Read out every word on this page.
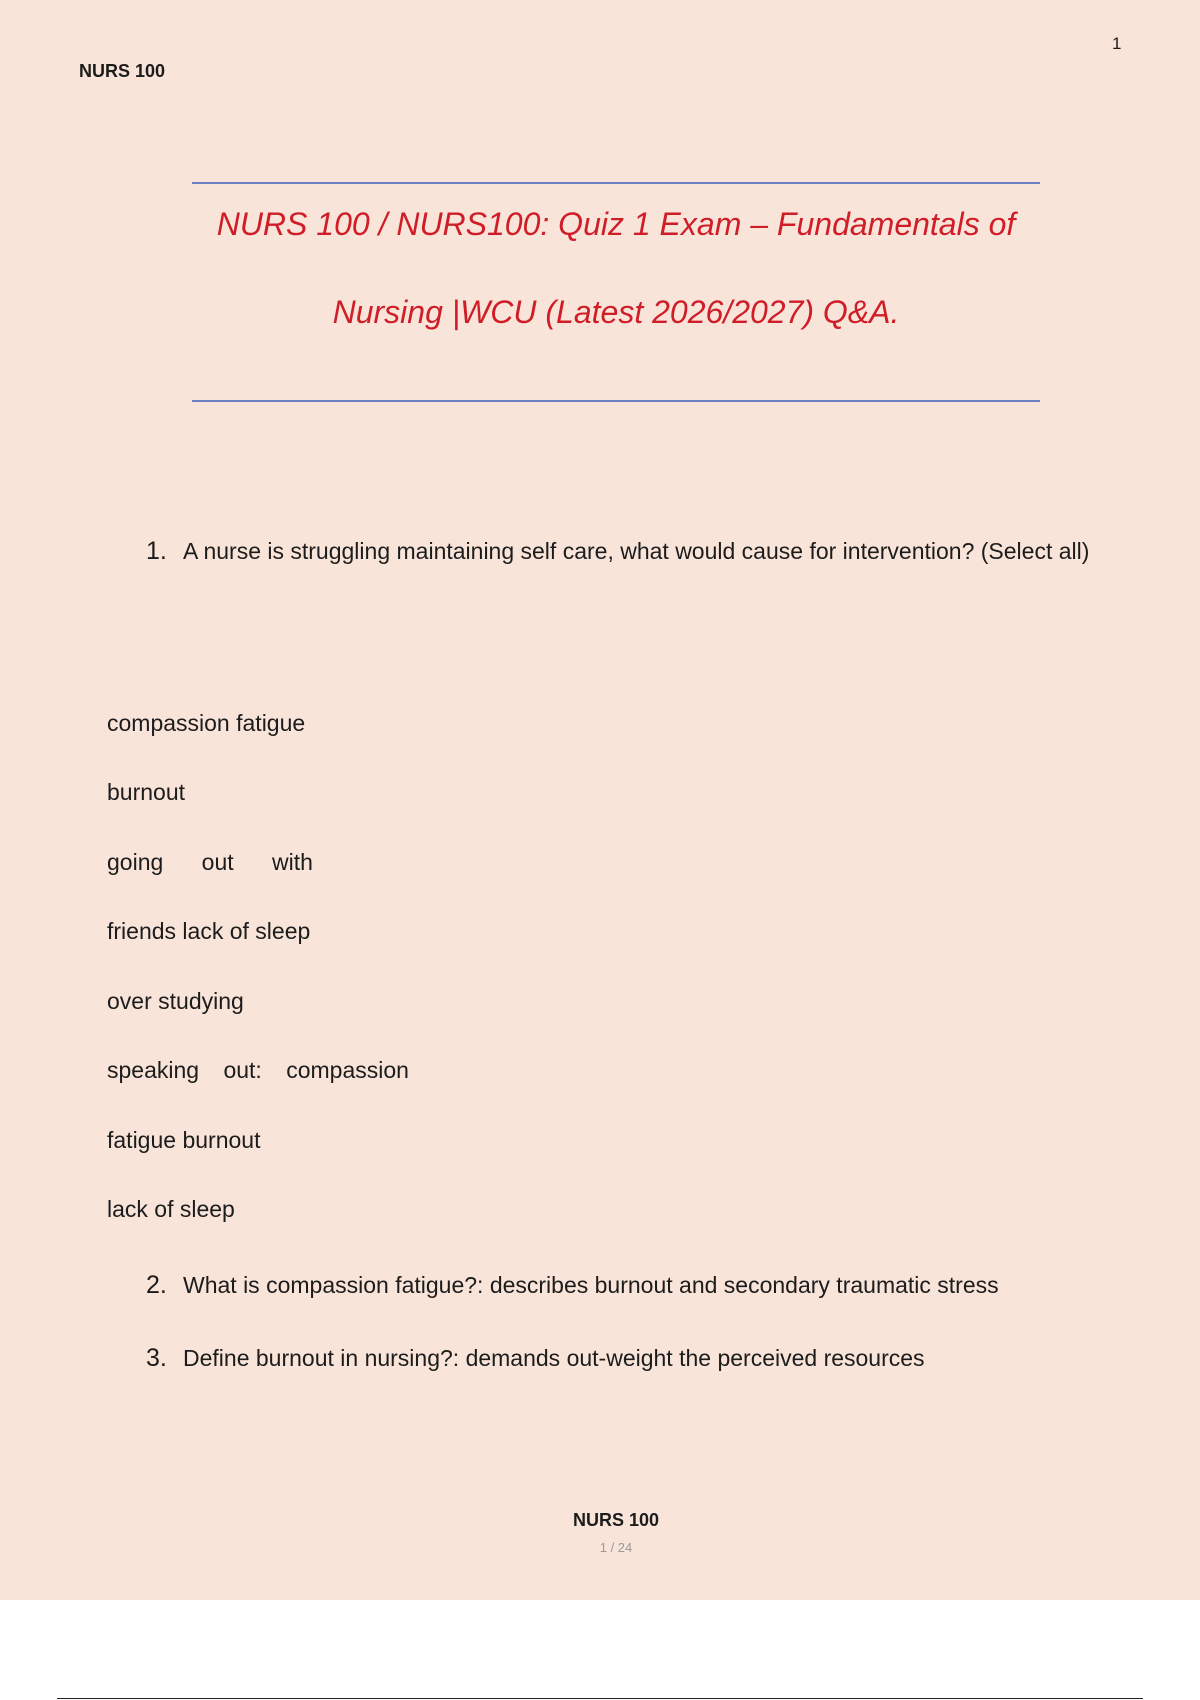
1
NURS 100
NURS 100 / NURS100: Quiz 1 Exam – Fundamentals of
Nursing |WCU (Latest 2026/2027) Q&A.
1. A nurse is struggling maintaining self care, what would cause for intervention? (Select all)
compassion fatigue
burnout
going out with
friends lack of sleep
over studying
speaking out: compassion
fatigue burnout
lack of sleep
2. What is compassion fatigue?: describes burnout and secondary traumatic stress
3. Define burnout in nursing?: demands out-weight the perceived resources
NURS 100
1 / 24
